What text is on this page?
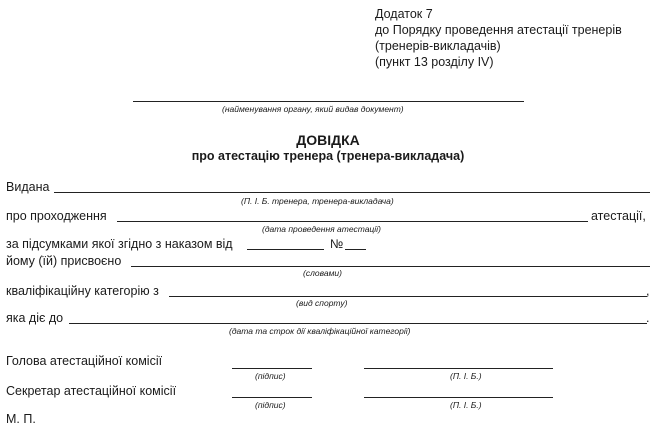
Додаток 7
до Порядку проведення атестації тренерів
(тренерів-викладачів)
(пункт 13 розділу IV)
(найменування органу, який видав документ)
ДОВІДКА
про атестацію тренера (тренера-викладача)
Видана
(П. І. Б. тренера, тренера-викладача)
про проходження	атестації,
(дата проведення атестації)
за підсумками якої згідно з наказом від	№
йому (їй) присвоєно
(словами)
кваліфікаційну категорію з	,
(вид спорту)
яка діє до	.
(дата та строк дії кваліфікаційної категорії)
Голова атестаційної комісії
(підпис)	(П. І. Б.)
Секретар атестаційної комісії
(підпис)	(П. І. Б.)
М. П.
